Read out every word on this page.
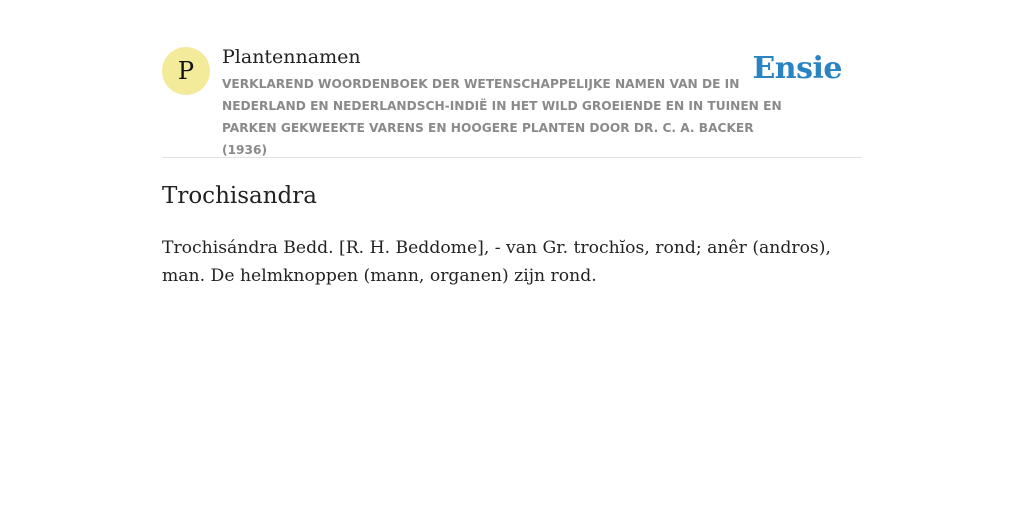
P	Plantennamen

VERKLAREND WOORDENBOEK DER WETENSCHAPPELIJKE NAMEN VAN DE IN NEDERLAND EN NEDERLANDSCH-INDIË IN HET WILD GROEIENDE EN IN TUINEN EN PARKEN GEKWEEKTE VARENS EN HOOGERE PLANTEN DOOR DR. C. A. BACKER (1936)

Ensie
Trochisandra

Trochisándra Bedd. [R. H. Beddome], - van Gr. trochĭos, rond; anêr (andros), man. De helmknoppen (mann, organen) zijn rond.
